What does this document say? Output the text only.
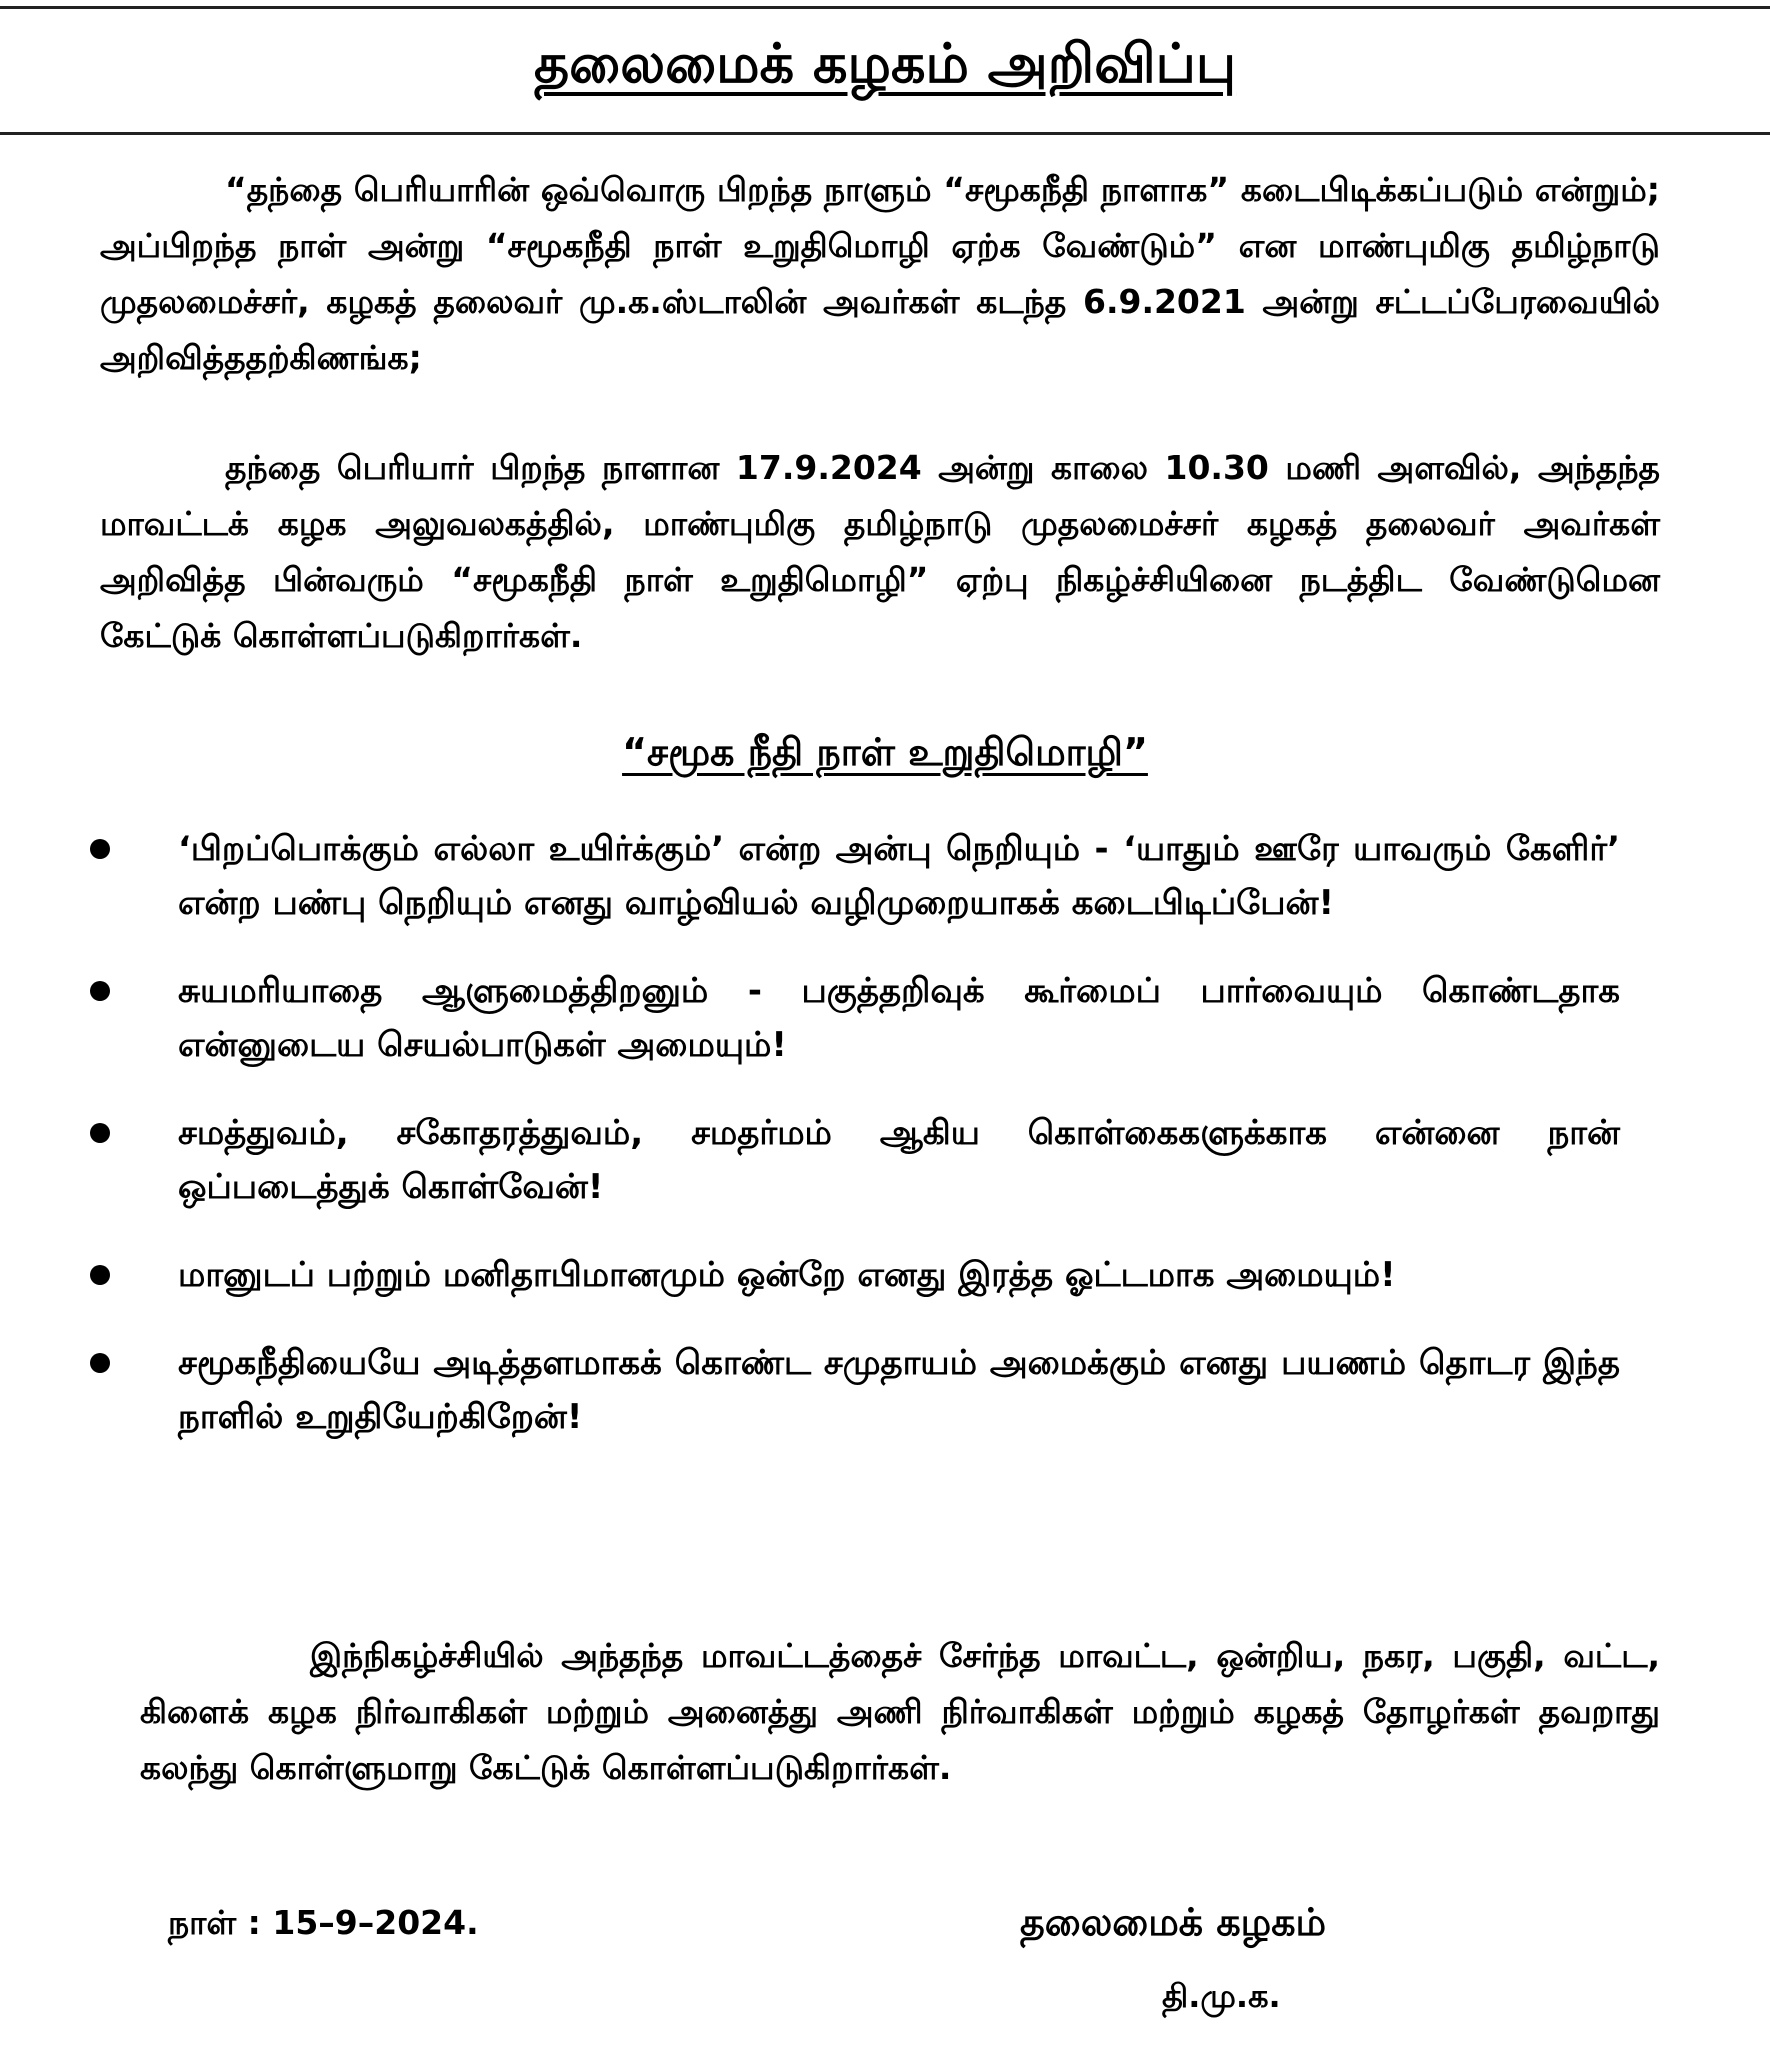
தலைமைக் கழகம் அறிவிப்பு

“தந்தை பெரியாரின் ஒவ்வொரு பிறந்த நாளும் “சமூகநீதி நாளாக” கடைபிடிக்கப்படும் என்றும்; அப்பிறந்த நாள் அன்று “சமூகநீதி நாள் உறுதிமொழி ஏற்க வேண்டும்” என மாண்புமிகு தமிழ்நாடு முதலமைச்சர், கழகத் தலைவர் மு.க.ஸ்டாலின் அவர்கள் கடந்த 6.9.2021 அன்று சட்டப்பேரவையில் அறிவித்ததற்கிணங்க;

தந்தை பெரியார் பிறந்த நாளான 17.9.2024 அன்று காலை 10.30 மணி அளவில், அந்தந்த மாவட்டக் கழக அலுவலகத்தில், மாண்புமிகு தமிழ்நாடு முதலமைச்சர் கழகத் தலைவர் அவர்கள் அறிவித்த பின்வரும் “சமூகநீதி நாள் உறுதிமொழி” ஏற்பு நிகழ்ச்சியினை நடத்திட வேண்டுமென கேட்டுக் கொள்ளப்படுகிறார்கள்.

“சமூக நீதி நாள் உறுதிமொழி”
‘பிறப்பொக்கும் எல்லா உயிர்க்கும்’ என்ற அன்பு நெறியும் - ‘யாதும் ஊரே யாவரும் கேளிர்’ என்ற பண்பு நெறியும் எனது வாழ்வியல் வழிமுறையாகக் கடைபிடிப்பேன்!
சுயமரியாதை ஆளுமைத்திறனும் - பகுத்தறிவுக் கூர்மைப் பார்வையும் கொண்டதாக என்னுடைய செயல்பாடுகள் அமையும்!
சமத்துவம், சகோதரத்துவம், சமதர்மம் ஆகிய கொள்கைகளுக்காக என்னை நான் ஒப்படைத்துக் கொள்வேன்!
மானுடப் பற்றும் மனிதாபிமானமும் ஒன்றே எனது இரத்த ஓட்டமாக அமையும்!
சமூகநீதியையே அடித்தளமாகக் கொண்ட சமுதாயம் அமைக்கும் எனது பயணம் தொடர இந்த நாளில் உறுதியேற்கிறேன்!

இந்நிகழ்ச்சியில் அந்தந்த மாவட்டத்தைச் சேர்ந்த மாவட்ட, ஒன்றிய, நகர, பகுதி, வட்ட, கிளைக் கழக நிர்வாகிகள் மற்றும் அனைத்து அணி நிர்வாகிகள் மற்றும் கழகத் தோழர்கள் தவறாது கலந்து கொள்ளுமாறு கேட்டுக் கொள்ளப்படுகிறார்கள்.

நாள் : 15–9–2024.	தலைமைக் கழகம்
தி.மு.க.
